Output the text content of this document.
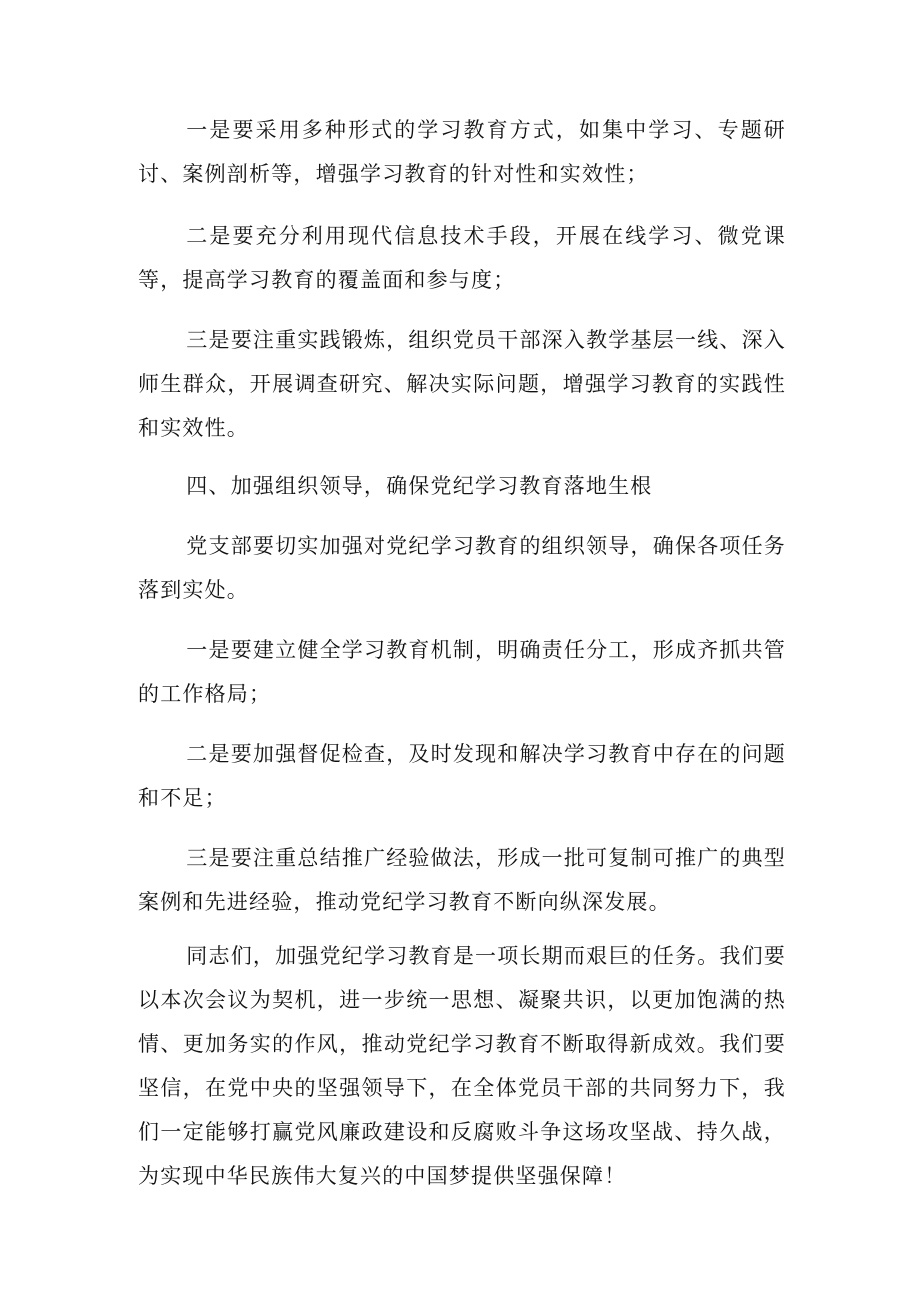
一是要采用多种形式的学习教育方式，如集中学习、专题研讨、案例剖析等，增强学习教育的针对性和实效性；

二是要充分利用现代信息技术手段，开展在线学习、微党课等，提高学习教育的覆盖面和参与度；

三是要注重实践锻炼，组织党员干部深入教学基层一线、深入师生群众，开展调查研究、解决实际问题，增强学习教育的实践性和实效性。

四、加强组织领导，确保党纪学习教育落地生根

党支部要切实加强对党纪学习教育的组织领导，确保各项任务落到实处。

一是要建立健全学习教育机制，明确责任分工，形成齐抓共管的工作格局；

二是要加强督促检查，及时发现和解决学习教育中存在的问题和不足；

三是要注重总结推广经验做法，形成一批可复制可推广的典型案例和先进经验，推动党纪学习教育不断向纵深发展。

同志们，加强党纪学习教育是一项长期而艰巨的任务。我们要以本次会议为契机，进一步统一思想、凝聚共识，以更加饱满的热情、更加务实的作风，推动党纪学习教育不断取得新成效。我们要坚信，在党中央的坚强领导下，在全体党员干部的共同努力下，我们一定能够打赢党风廉政建设和反腐败斗争这场攻坚战、持久战，为实现中华民族伟大复兴的中国梦提供坚强保障！
